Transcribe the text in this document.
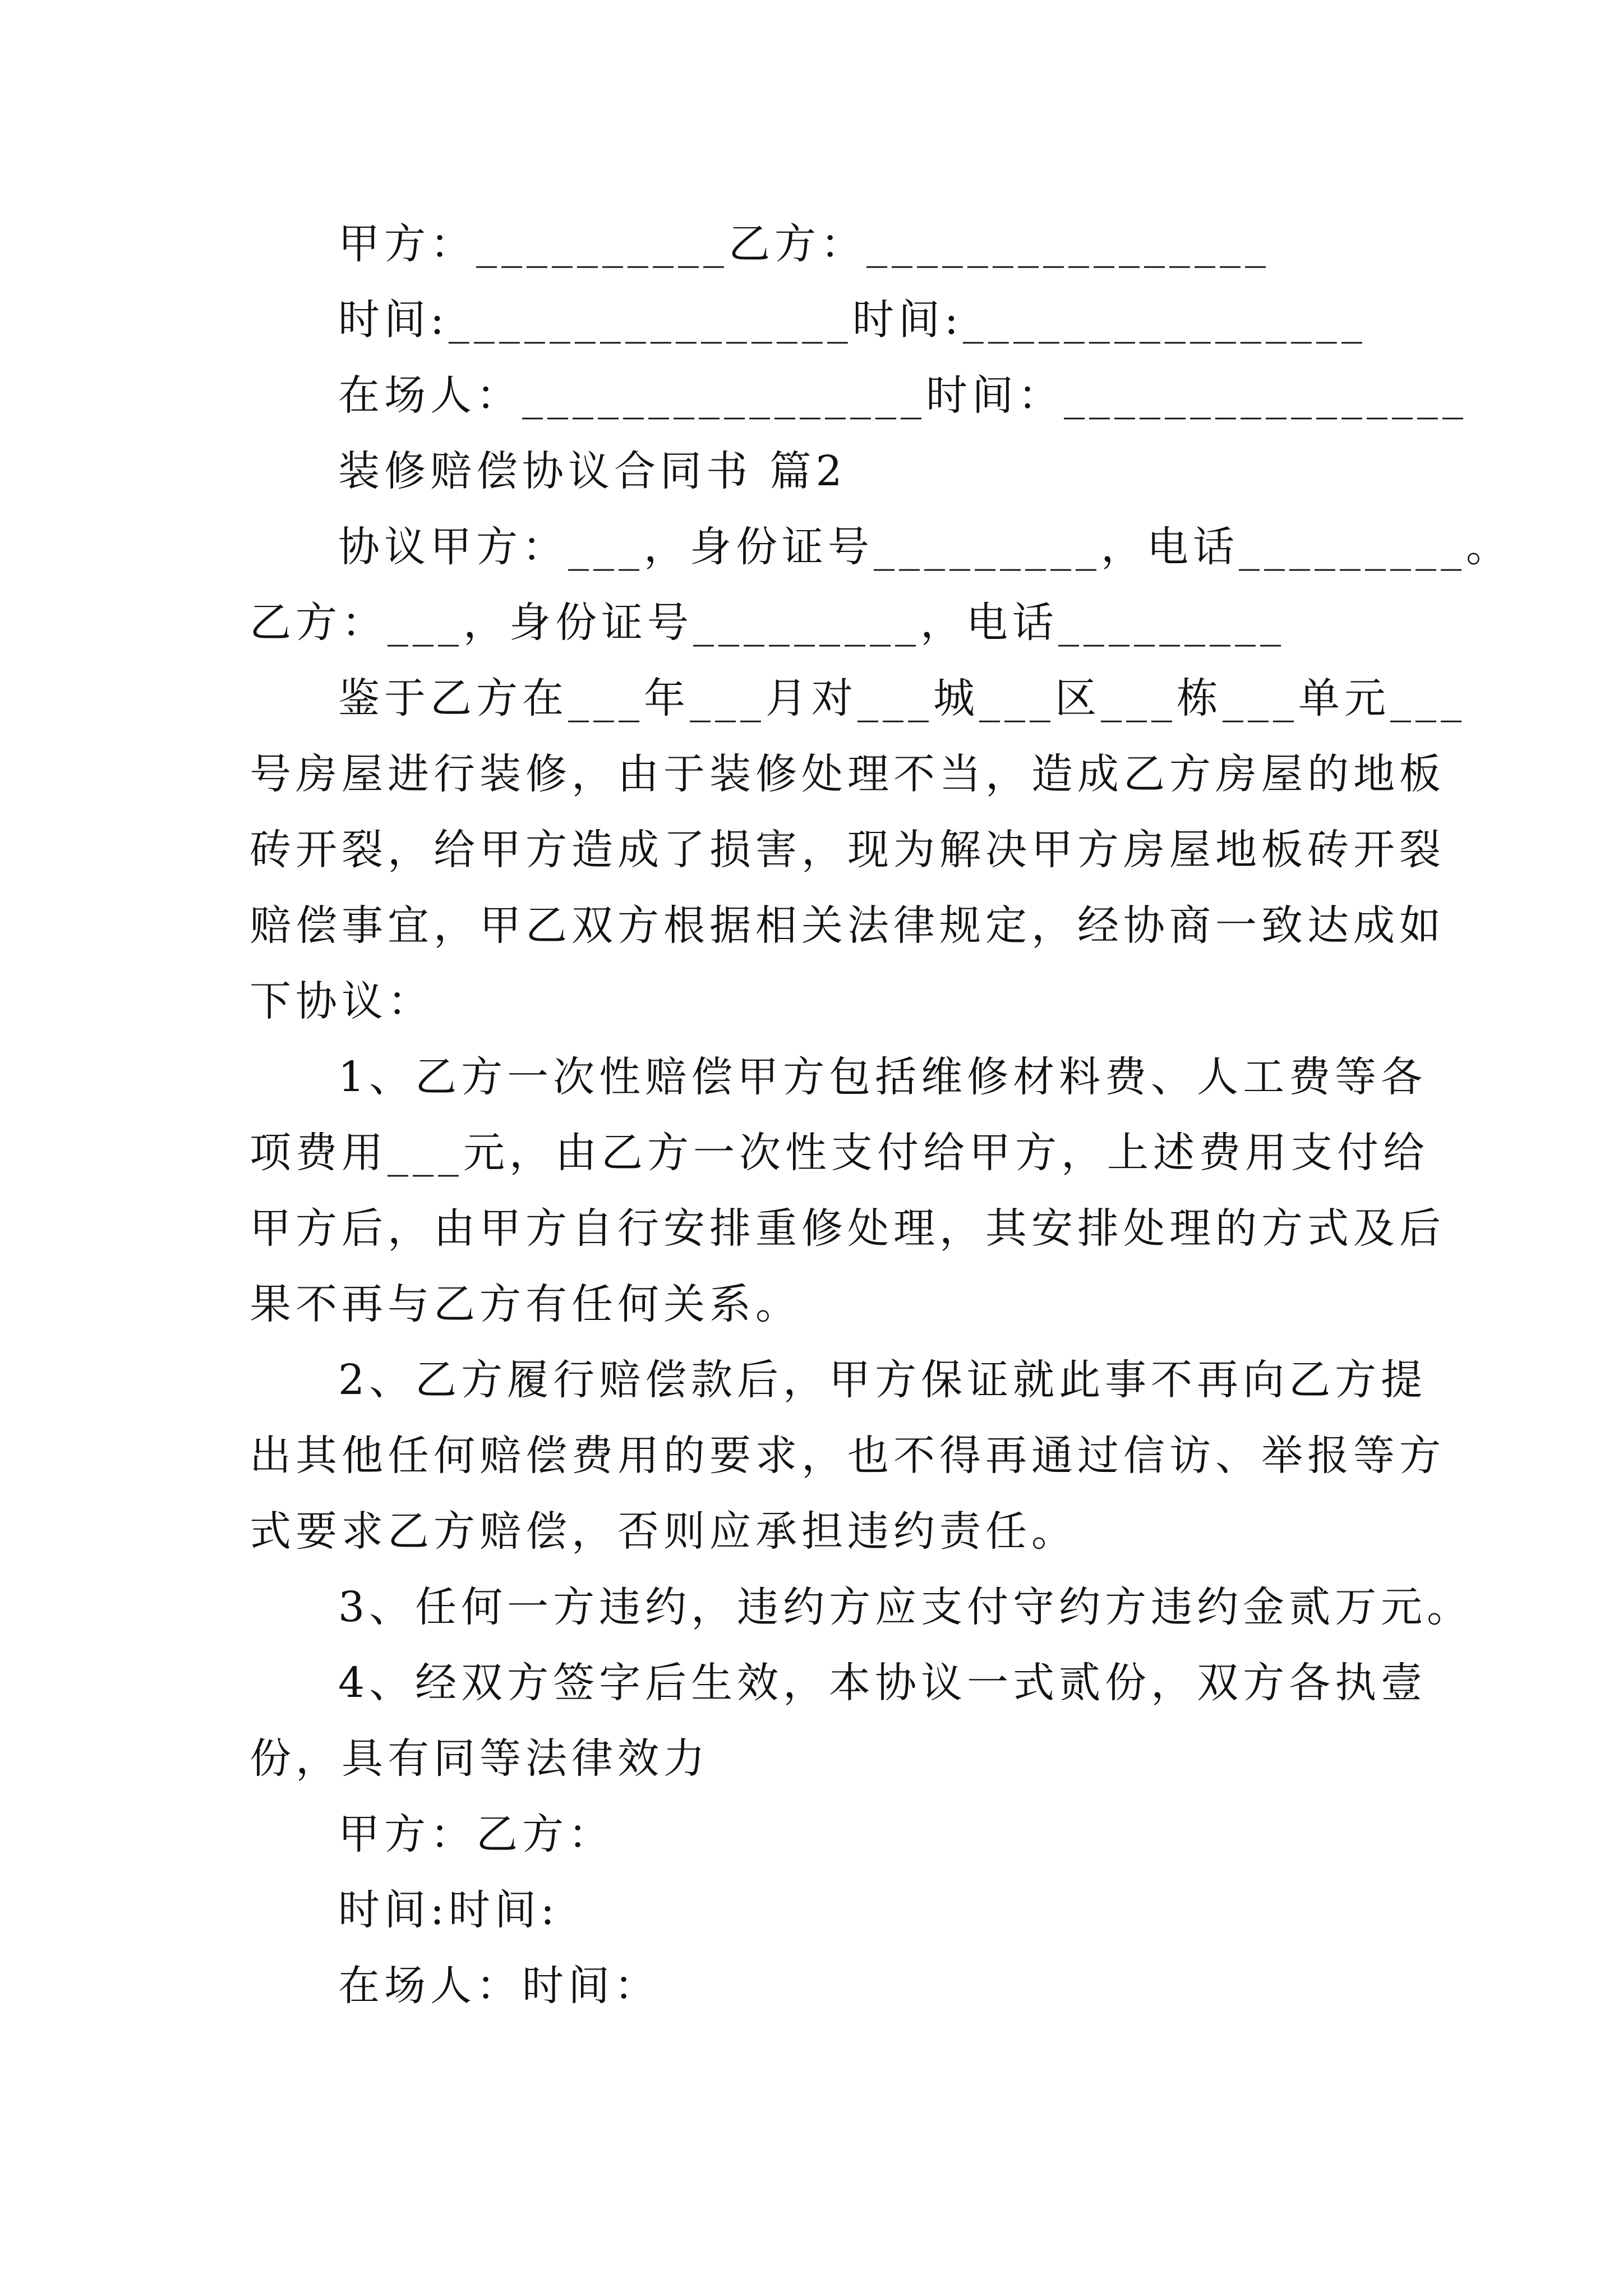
甲方：__________乙方：________________
时间:________________时间:________________
在场人：________________时间：________________
装修赔偿协议合同书 篇2
协议甲方：___，身份证号_________，电话_________。
乙方：___，身份证号_________，电话_________
鉴于乙方在___年___月对___城___区___栋___单元___
号房屋进行装修，由于装修处理不当，造成乙方房屋的地板
砖开裂，给甲方造成了损害，现为解决甲方房屋地板砖开裂
赔偿事宜，甲乙双方根据相关法律规定，经协商一致达成如
下协议：
1、乙方一次性赔偿甲方包括维修材料费、人工费等各
项费用___元，由乙方一次性支付给甲方，上述费用支付给
甲方后，由甲方自行安排重修处理，其安排处理的方式及后
果不再与乙方有任何关系。
2、乙方履行赔偿款后，甲方保证就此事不再向乙方提
出其他任何赔偿费用的要求，也不得再通过信访、举报等方
式要求乙方赔偿，否则应承担违约责任。
3、任何一方违约，违约方应支付守约方违约金贰万元。
4、经双方签字后生效，本协议一式贰份，双方各执壹
份，具有同等法律效力
甲方：乙方：
时间:时间:
在场人：时间：
